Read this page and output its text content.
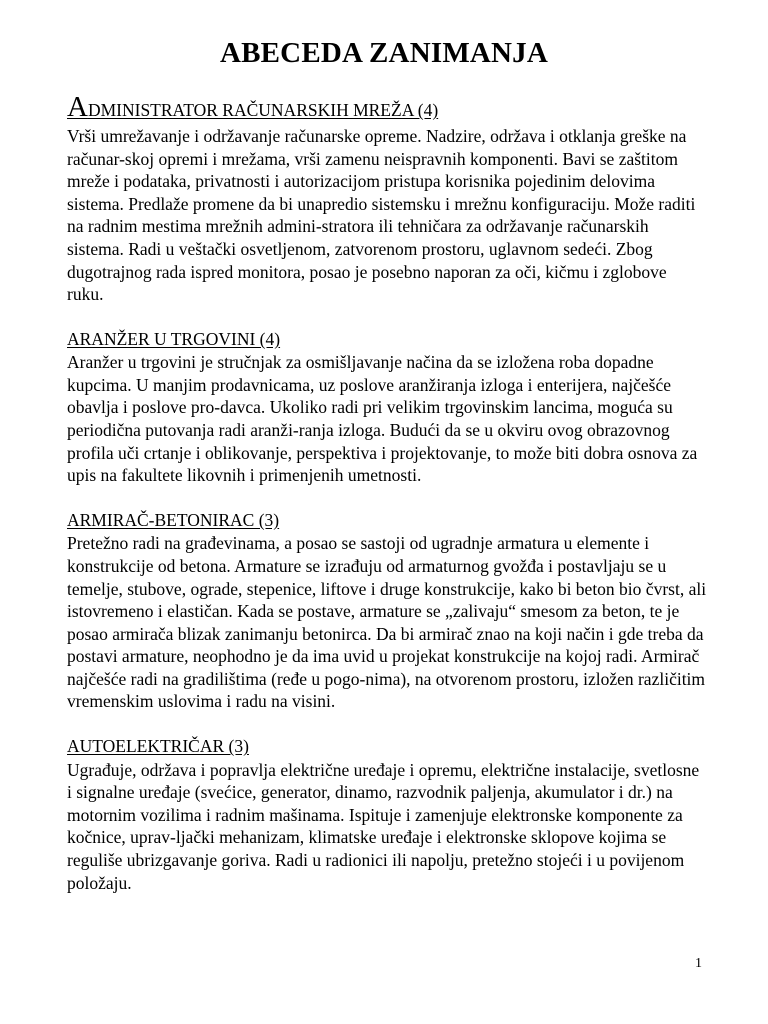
ABECEDA ZANIMANJA
ADMINISTRATOR RAČUNARSKIH MREŽA (4)

Vrši umrežavanje i održavanje računarske opreme. Nadzire, održava i otklanja greške na računar-skoj opremi i mrežama, vrši zamenu neispravnih komponenti. Bavi se zaštitom mreže i podataka, privatnosti i autorizacijom pristupa korisnika pojedinim delovima sistema. Predlaže promene da bi unapredio sistemsku i mrežnu konfiguraciju. Može raditi na radnim mestima mrežnih admini-stratora ili tehničara za održavanje računarskih sistema. Radi u veštački osvetljenom, zatvorenom prostoru, uglavnom sedeći. Zbog dugotrajnog rada ispred monitora, posao je posebno naporan za oči, kičmu i zglobove ruku.

ARANŽER U TRGOVINI (4)

Aranžer u trgovini je stručnjak za osmišljavanje načina da se izložena roba dopadne kupcima. U manjim prodavnicama, uz poslove aranžiranja izloga i enterijera, najčešće obavlja i poslove pro-davca. Ukoliko radi pri velikim trgovinskim lancima, moguća su periodična putovanja radi aranži-ranja izloga. Budući da se u okviru ovog obrazovnog profila uči crtanje i oblikovanje, perspektiva i projektovanje, to može biti dobra osnova za upis na fakultete likovnih i primenjenih umetnosti.

ARMIRAČ-BETONIRAC (3)

Pretežno radi na građevinama, a posao se sastoji od ugradnje armatura u elemente i konstrukcije od betona. Armature se izrađuju od armaturnog gvožđa i postavljaju se u temelje, stubove, ograde, stepenice, liftove i druge konstrukcije, kako bi beton bio čvrst, ali istovremeno i elastičan. Kada se postave, armature se „zalivaju“ smesom za beton, te je posao armirača blizak zanimanju betonirca. Da bi armirač znao na koji način i gde treba da postavi armature, neophodno je da ima uvid u projekat konstrukcije na kojoj radi. Armirač najčešće radi na gradilištima (ređe u pogo-nima), na otvorenom prostoru, izložen različitim vremenskim uslovima i radu na visini.

AUTOELEKTRIČAR (3)

Ugrađuje, održava i popravlja električne uređaje i opremu, električne instalacije, svetlosne i signalne uređaje (svećice, generator, dinamo, razvodnik paljenja, akumulator i dr.) na motornim vozilima i radnim mašinama. Ispituje i zamenjuje elektronske komponente za kočnice, uprav-ljački mehanizam, klimatske uređaje i elektronske sklopove kojima se reguliše ubrizgavanje goriva. Radi u radionici ili napolju, pretežno stojeći i u povijenom položaju.

1
